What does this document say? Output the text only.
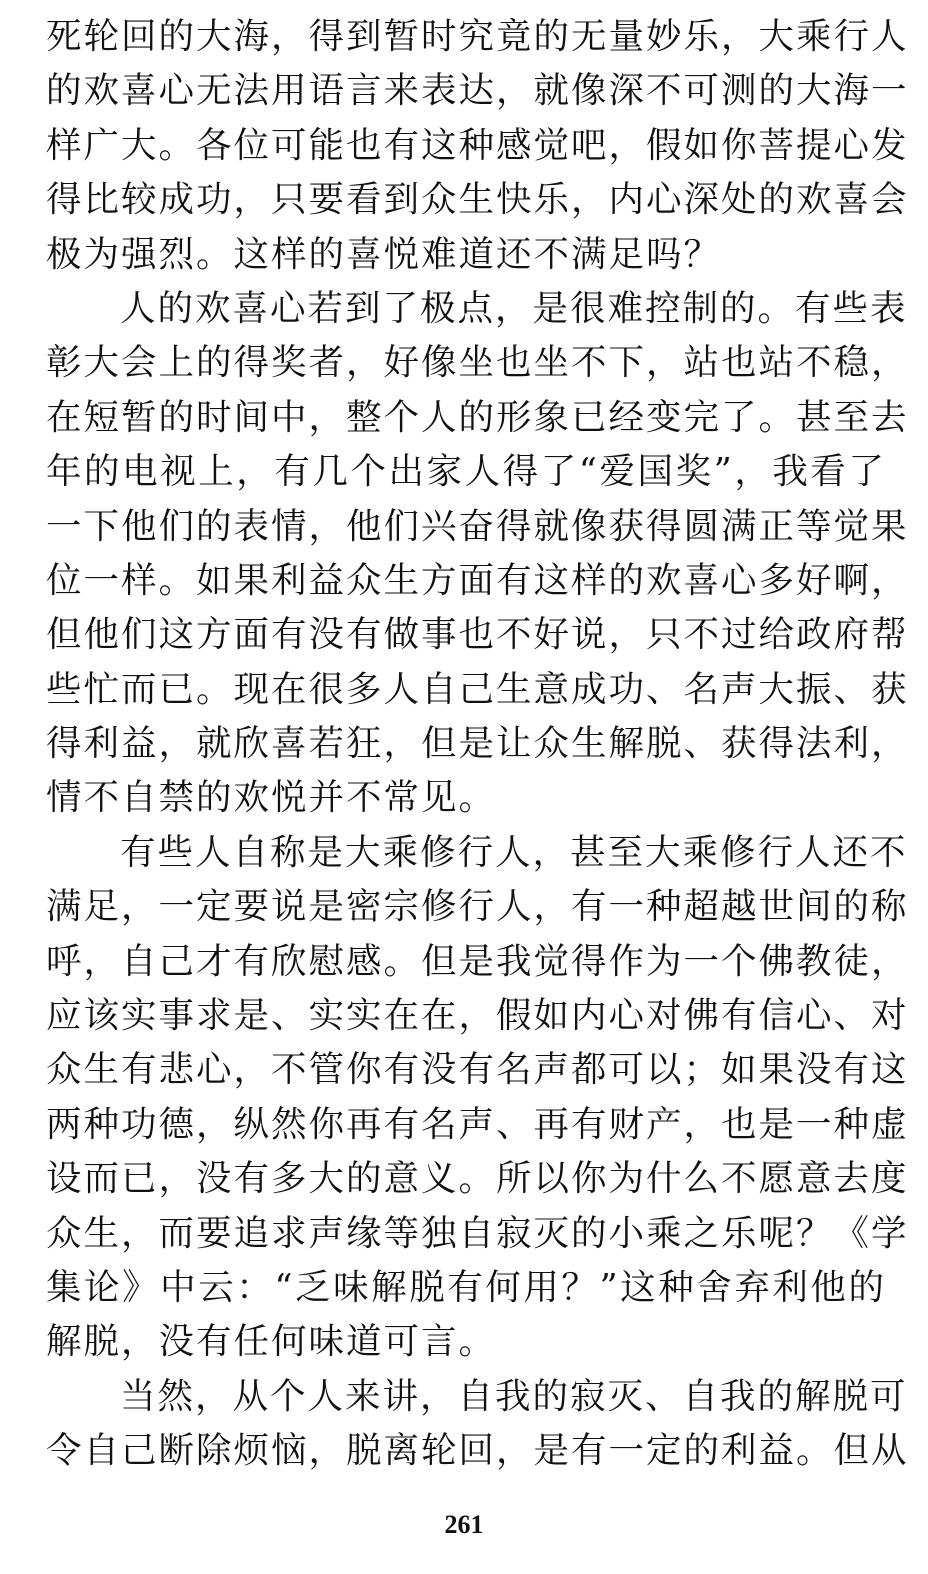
死轮回的大海，得到暂时究竟的无量妙乐，大乘行人
的欢喜心无法用语言来表达，就像深不可测的大海一
样广大。各位可能也有这种感觉吧，假如你菩提心发
得比较成功，只要看到众生快乐，内心深处的欢喜会
极为强烈。这样的喜悦难道还不满足吗？
人的欢喜心若到了极点，是很难控制的。有些表
彰大会上的得奖者，好像坐也坐不下，站也站不稳，
在短暂的时间中，整个人的形象已经变完了。甚至去
年的电视上，有几个出家人得了“爱国奖”，我看了
一下他们的表情，他们兴奋得就像获得圆满正等觉果
位一样。如果利益众生方面有这样的欢喜心多好啊，
但他们这方面有没有做事也不好说，只不过给政府帮
些忙而已。现在很多人自己生意成功、名声大振、获
得利益，就欣喜若狂，但是让众生解脱、获得法利，
情不自禁的欢悦并不常见。
有些人自称是大乘修行人，甚至大乘修行人还不
满足，一定要说是密宗修行人，有一种超越世间的称
呼，自己才有欣慰感。但是我觉得作为一个佛教徒，
应该实事求是、实实在在，假如内心对佛有信心、对
众生有悲心，不管你有没有名声都可以；如果没有这
两种功德，纵然你再有名声、再有财产，也是一种虚
设而已，没有多大的意义。所以你为什么不愿意去度
众生，而要追求声缘等独自寂灭的小乘之乐呢？《学
集论》中云：“乏味解脱有何用？”这种舍弃利他的
解脱，没有任何味道可言。
当然，从个人来讲，自我的寂灭、自我的解脱可
令自己断除烦恼，脱离轮回，是有一定的利益。但从
261
